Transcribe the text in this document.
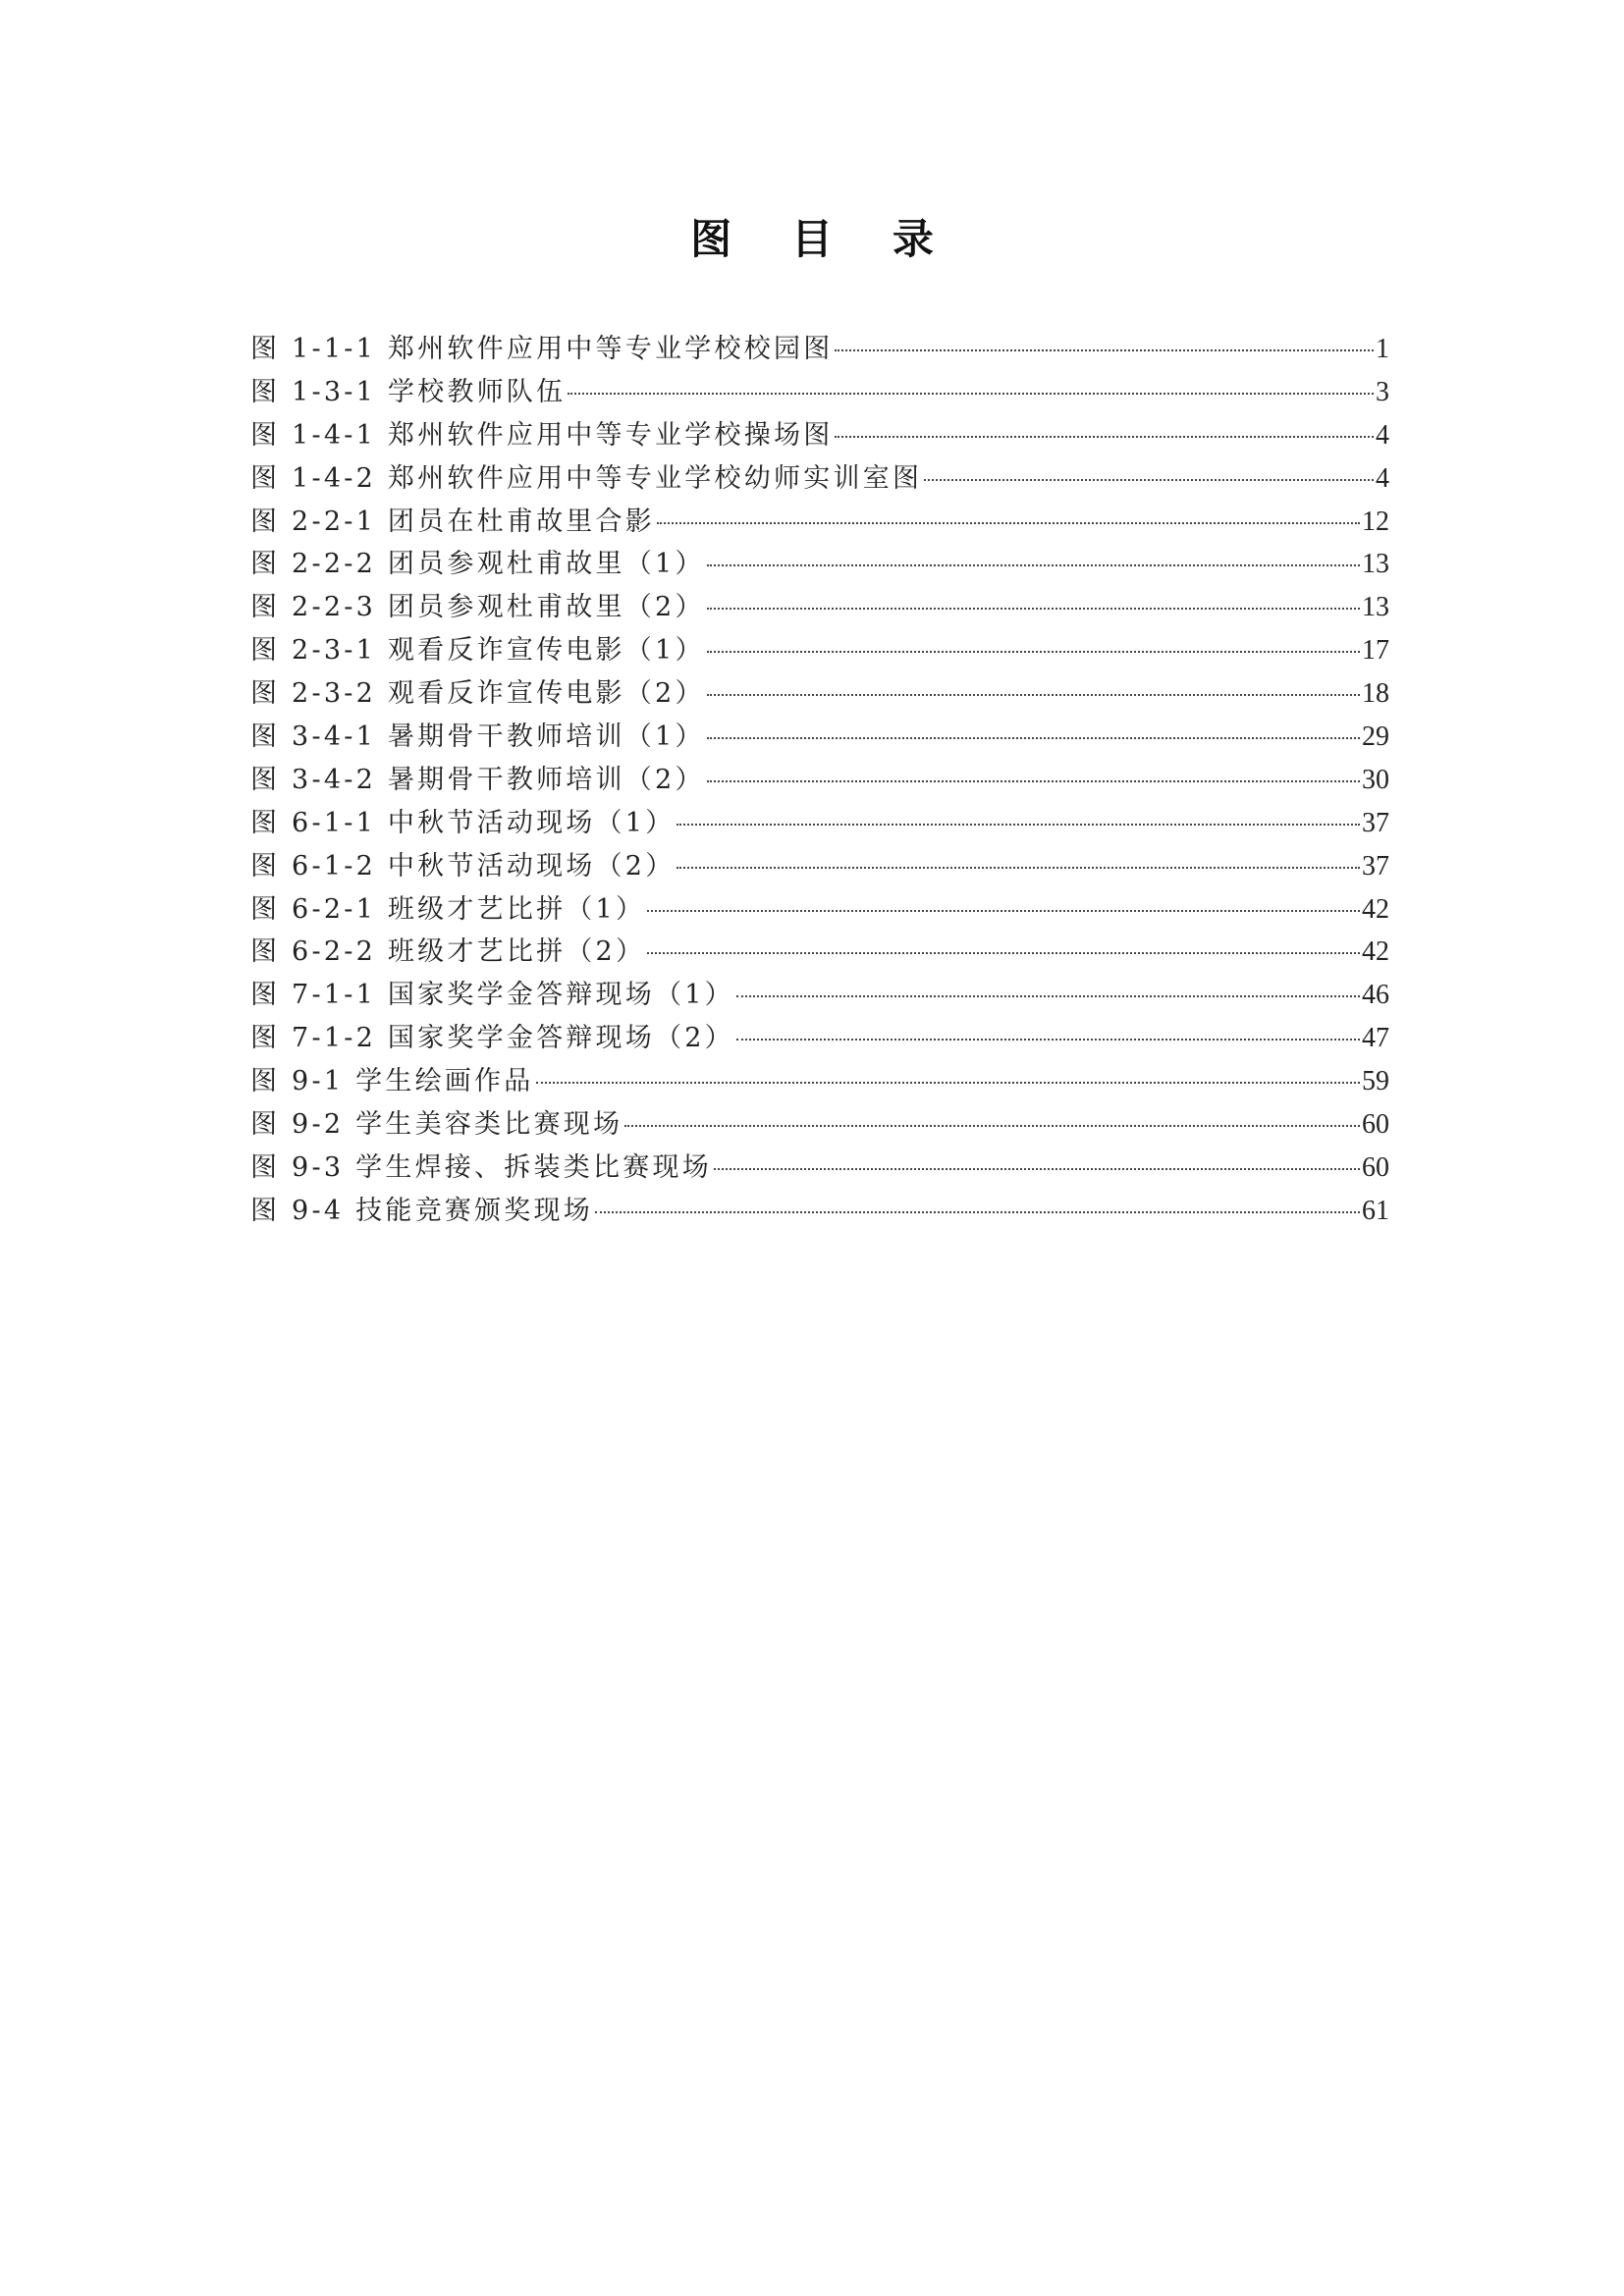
图 目 录
图 1-1-1 郑州软件应用中等专业学校校园图	1
图 1-3-1 学校教师队伍	3
图 1-4-1 郑州软件应用中等专业学校操场图	4
图 1-4-2 郑州软件应用中等专业学校幼师实训室图	4
图 2-2-1 团员在杜甫故里合影	12
图 2-2-2 团员参观杜甫故里（1）	13
图 2-2-3 团员参观杜甫故里（2）	13
图 2-3-1 观看反诈宣传电影（1）	17
图 2-3-2 观看反诈宣传电影（2）	18
图 3-4-1 暑期骨干教师培训（1）	29
图 3-4-2 暑期骨干教师培训（2）	30
图 6-1-1 中秋节活动现场（1）	37
图 6-1-2 中秋节活动现场（2）	37
图 6-2-1 班级才艺比拼（1）	42
图 6-2-2 班级才艺比拼（2）	42
图 7-1-1 国家奖学金答辩现场（1）	46
图 7-1-2 国家奖学金答辩现场（2）	47
图 9-1 学生绘画作品	59
图 9-2 学生美容类比赛现场	60
图 9-3 学生焊接、拆装类比赛现场	60
图 9-4 技能竞赛颁奖现场	61
